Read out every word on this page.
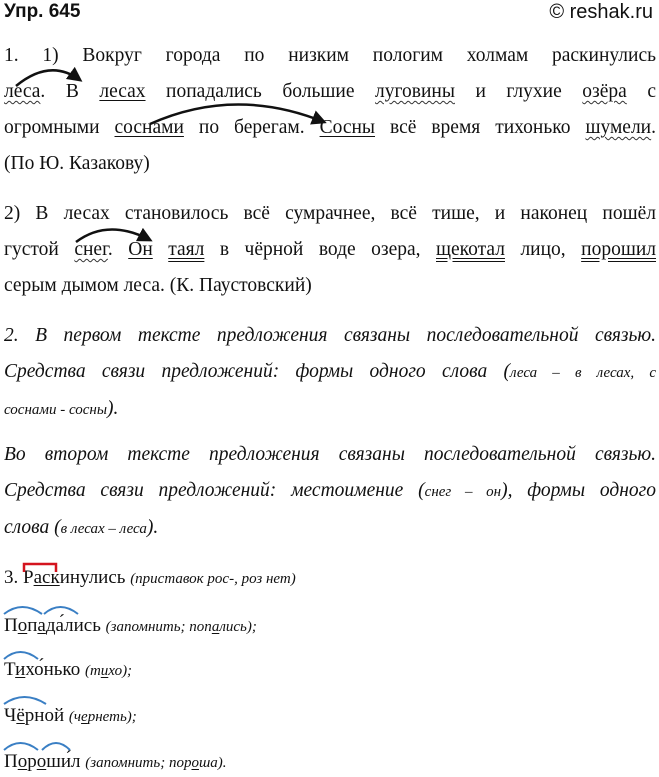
Упр. 645	© reshak.ru
1. 1) Вокруг города по низким пологим холмам раскинулись
леса. В лесах попадались большие луговины и глухие озёра с
огромными соснами по берегам. Сосны всё время тихонько шумели.
(По Ю. Казакову)
2) В лесах становилось всё сумрачнее, всё тише, и наконец пошёл
густой снег. Он таял в чёрной воде озера, щекотал лицо, порошил
серым дымом леса. (К. Паустовский)
2. В первом тексте предложения связаны последовательной связью.
Средства связи предложений: формы одного слова (леса – в лесах, с
соснами - сосны).
Во втором тексте предложения связаны последовательной связью.
Средства связи предложений: местоимение (снег – он), формы одного
слова (в лесах – леса).
3. Раскинулись (приставок рос-, роз нет)
Попада́лись (запомнить; попались);
Тихо́нько (тихо);
Чёрной (чернеть);
Пороши́л (запомнить; пороша).
